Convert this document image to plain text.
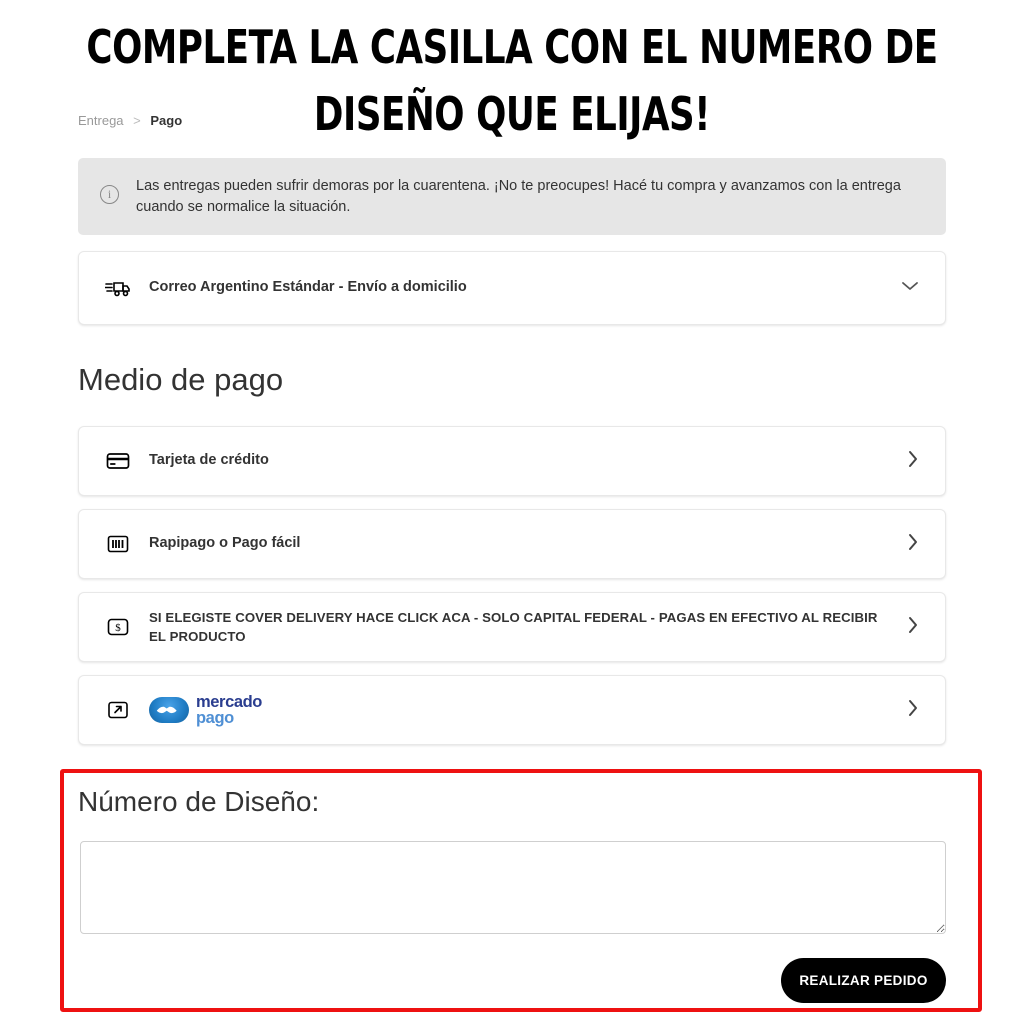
Entrega > Pago
i	Las entregas pueden sufrir demoras por la cuarentena. ¡No te preocupes! Hacé tu compra y avanzamos con la entrega cuando se normalice la situación.
Correo Argentino Estándar - Envío a domicilio
Medio de pago
Tarjeta de crédito
Rapipago o Pago fácil
$
SI ELEGISTE COVER DELIVERY HACE CLICK ACA - SOLO CAPITAL FEDERAL - PAGAS EN EFECTIVO AL RECIBIR EL PRODUCTO
mercado
pago
Número de Diseño:
REALIZAR PEDIDO
COMPLETA LA CASILLA CON EL NUMERO DE DISEÑO QUE ELIJAS!
